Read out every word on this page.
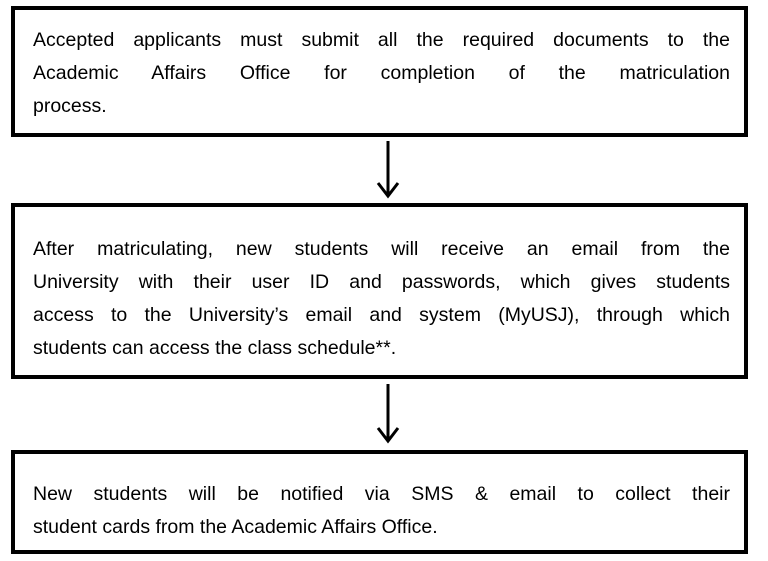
Accepted applicants must submit all the required documents to the
Academic Affairs Office for completion of the matriculation
process.
After matriculating, new students will receive an email from the
University with their user ID and passwords, which gives students
access to the University’s email and system (MyUSJ), through which
students can access the class schedule**.
New students will be notified via SMS & email to collect their
student cards from the Academic Affairs Office.
